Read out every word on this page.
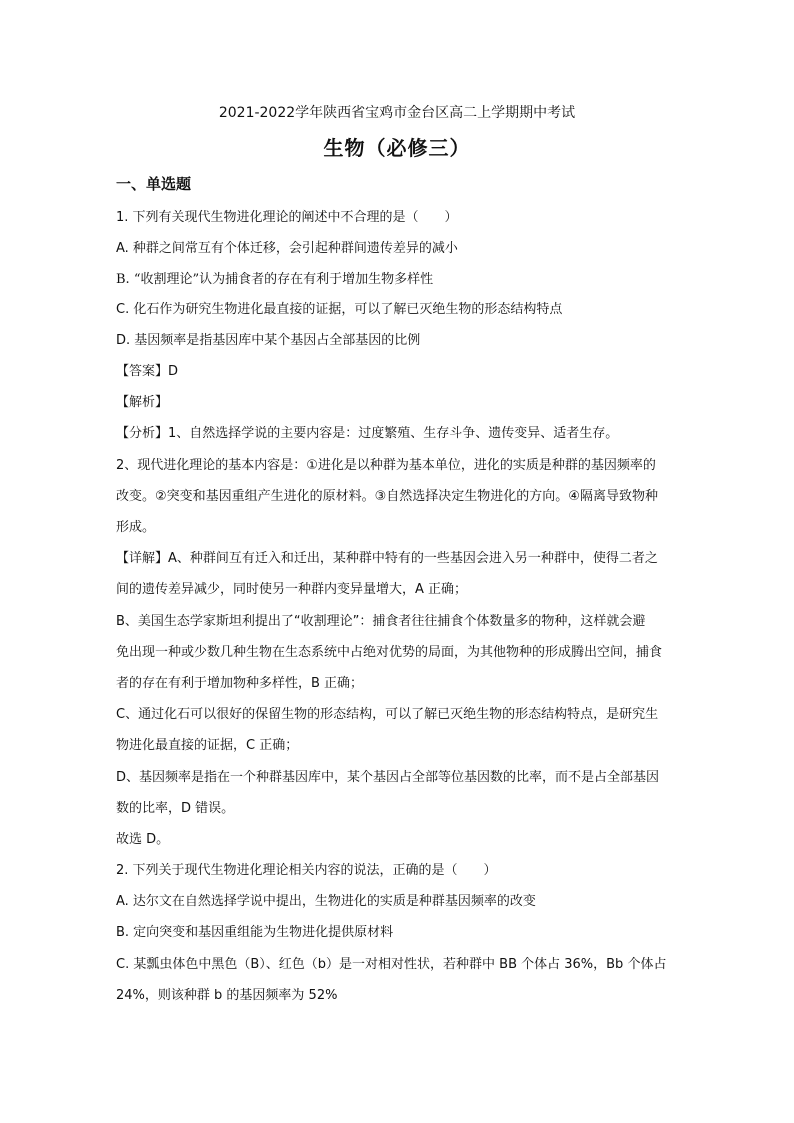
2021-2022学年陕西省宝鸡市金台区高二上学期期中考试
生物（必修三）
一、单选题
1. 下列有关现代生物进化理论的阐述中不合理的是（　　）
A. 种群之间常互有个体迁移，会引起种群间遗传差异的减小
B. “收割理论”认为捕食者的存在有利于增加生物多样性
C. 化石作为研究生物进化最直接的证据，可以了解已灭绝生物的形态结构特点
D. 基因频率是指基因库中某个基因占全部基因的比例
【答案】D
【解析】
【分析】1、自然选择学说的主要内容是：过度繁殖、生存斗争、遗传变异、适者生存。
2、现代进化理论的基本内容是：①进化是以种群为基本单位，进化的实质是种群的基因频率的
改变。②突变和基因重组产生进化的原材料。③自然选择决定生物进化的方向。④隔离导致物种
形成。
【详解】A、种群间互有迁入和迁出，某种群中特有的一些基因会进入另一种群中，使得二者之
间的遗传差异减少，同时使另一种群内变异量增大，A 正确；
B、美国生态学家斯坦利提出了“收割理论”：捕食者往往捕食个体数量多的物种，这样就会避
免出现一种或少数几种生物在生态系统中占绝对优势的局面，为其他物种的形成腾出空间，捕食
者的存在有利于增加物种多样性，B 正确；
C、通过化石可以很好的保留生物的形态结构，可以了解已灭绝生物的形态结构特点，是研究生
物进化最直接的证据，C 正确；
D、基因频率是指在一个种群基因库中，某个基因占全部等位基因数的比率，而不是占全部基因
数的比率，D 错误。
故选 D。
2. 下列关于现代生物进化理论相关内容的说法，正确的是（　　）
A. 达尔文在自然选择学说中提出，生物进化的实质是种群基因频率的改变
B. 定向突变和基因重组能为生物进化提供原材料
C. 某瓢虫体色中黑色（B）、红色（b）是一对相对性状，若种群中 BB 个体占 36%，Bb 个体占
24%，则该种群 b 的基因频率为 52%
